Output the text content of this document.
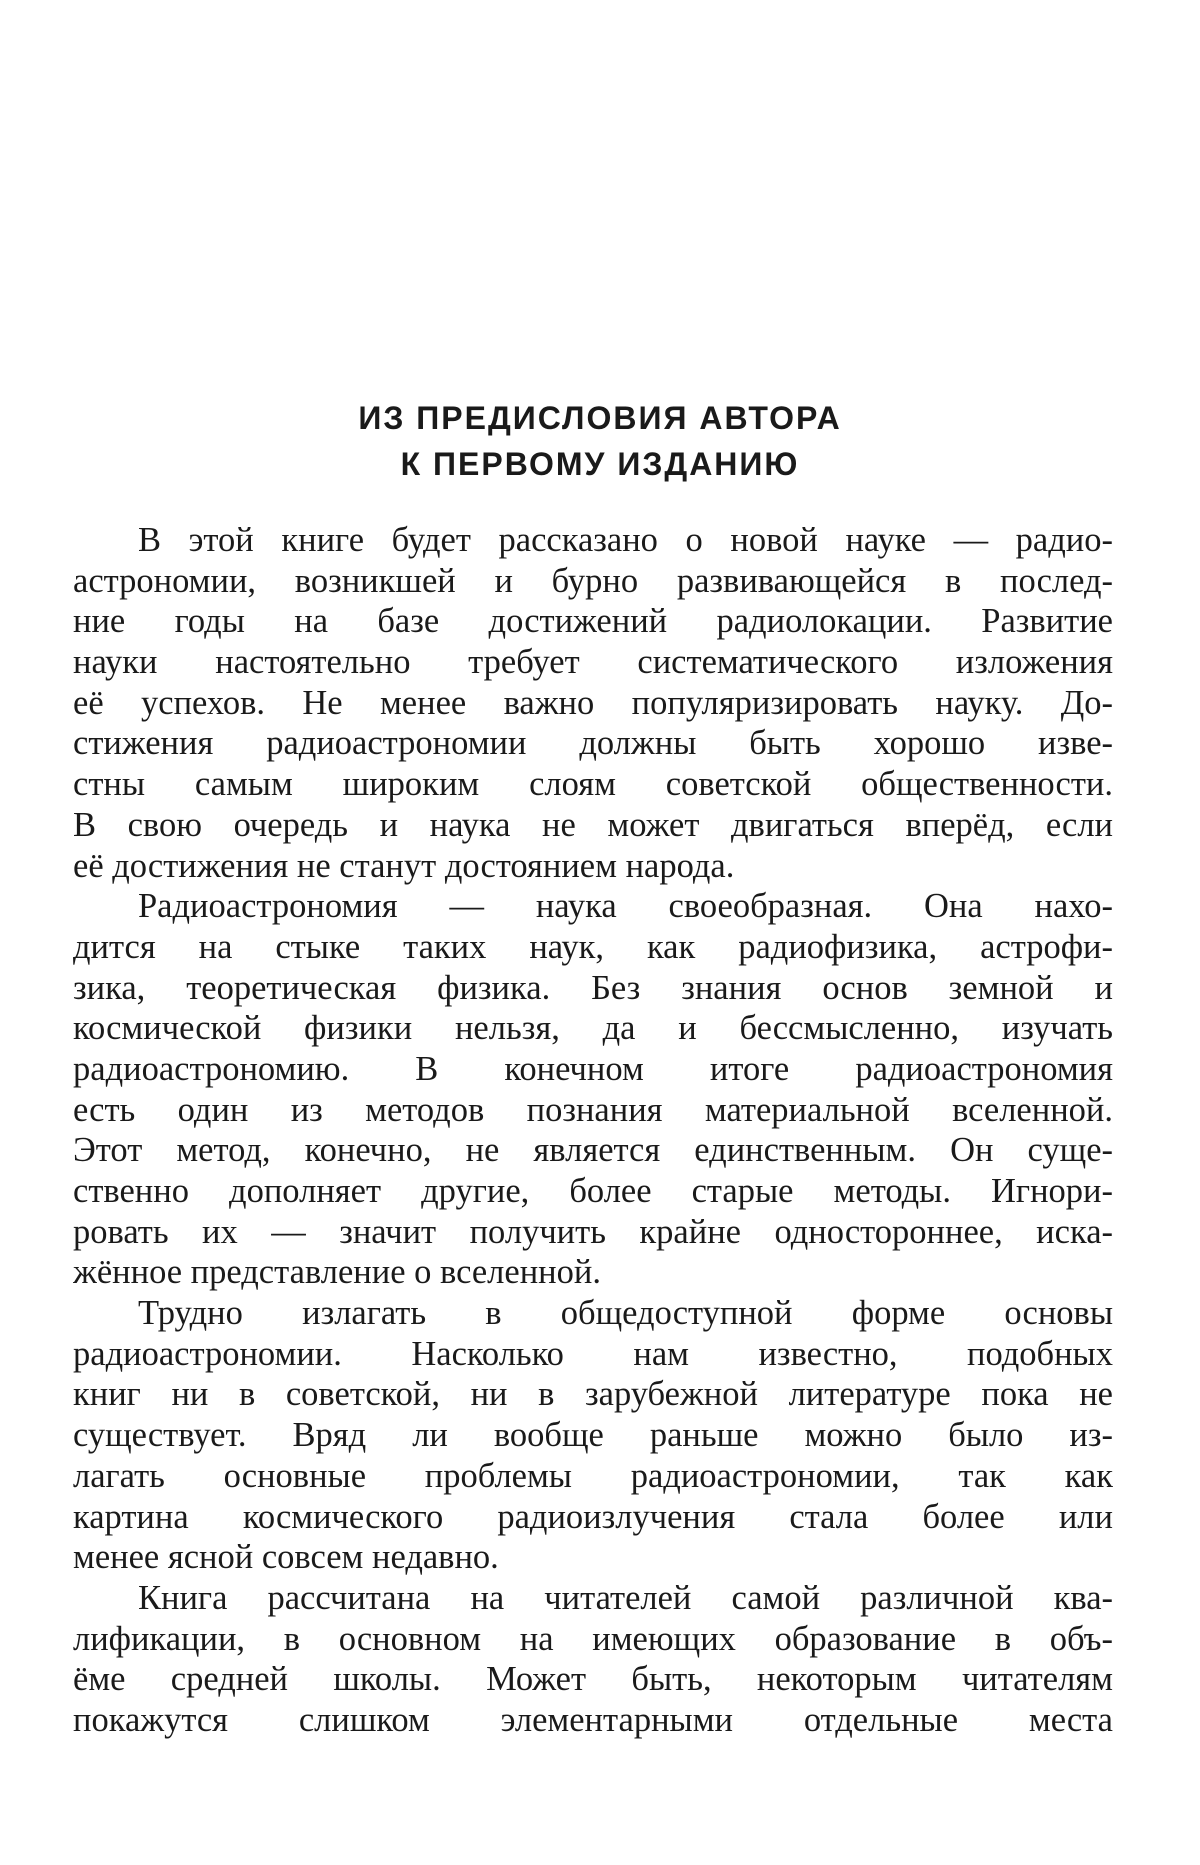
ИЗ ПРЕДИСЛОВИЯ АВТОРА
К ПЕРВОМУ ИЗДАНИЮ
В этой книге будет рассказано о новой науке — радио-
астрономии, возникшей и бурно развивающейся в послед-
ние годы на базе достижений радиолокации. Развитие
науки настоятельно требует систематического изложения
её успехов. Не менее важно популяризировать науку. До-
стижения радиоастрономии должны быть хорошо изве-
стны самым широким слоям советской общественности.
В свою очередь и наука не может двигаться вперёд, если
её достижения не станут достоянием народа.
Радиоастрономия — наука своеобразная. Она нахо-
дится на стыке таких наук, как радиофизика, астрофи-
зика, теоретическая физика. Без знания основ земной и
космической физики нельзя, да и бессмысленно, изучать
радиоастрономию. В конечном итоге радиоастрономия
есть один из методов познания материальной вселенной.
Этот метод, конечно, не является единственным. Он суще-
ственно дополняет другие, более старые методы. Игнори-
ровать их — значит получить крайне одностороннее, иска-
жённое представление о вселенной.
Трудно излагать в общедоступной форме основы
радиоастрономии. Насколько нам известно, подобных
книг ни в советской, ни в зарубежной литературе пока не
существует. Вряд ли вообще раньше можно было из-
лагать основные проблемы радиоастрономии, так как
картина космического радиоизлучения стала более или
менее ясной совсем недавно.
Книга рассчитана на читателей самой различной ква-
лификации, в основном на имеющих образование в объ-
ёме средней школы. Может быть, некоторым читателям
покажутся слишком элементарными отдельные места
